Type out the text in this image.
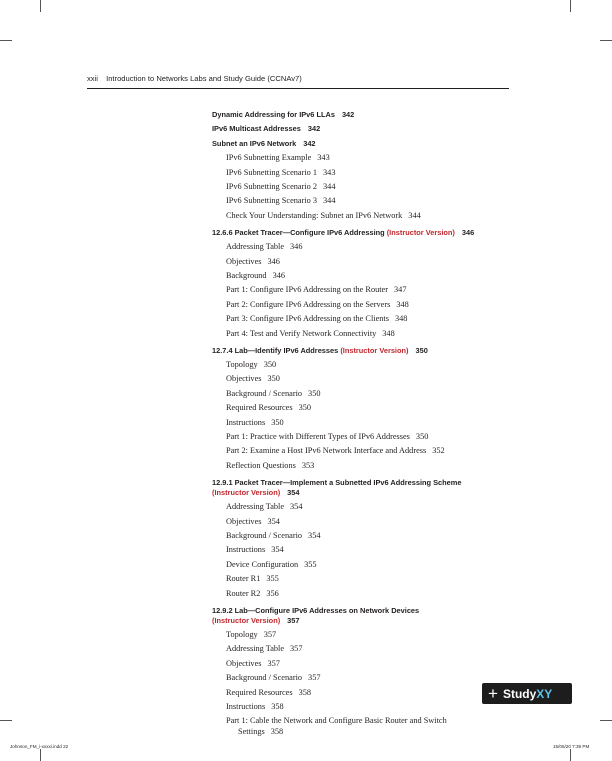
xxii Introduction to Networks Labs and Study Guide (CCNAv7)
Dynamic Addressing for IPv6 LLAs 342
IPv6 Multicast Addresses 342
Subnet an IPv6 Network 342
IPv6 Subnetting Example 343
IPv6 Subnetting Scenario 1 343
IPv6 Subnetting Scenario 2 344
IPv6 Subnetting Scenario 3 344
Check Your Understanding: Subnet an IPv6 Network 344
12.6.6 Packet Tracer—Configure IPv6 Addressing (Instructor Version) 346
Addressing Table 346
Objectives 346
Background 346
Part 1: Configure IPv6 Addressing on the Router 347
Part 2: Configure IPv6 Addressing on the Servers 348
Part 3: Configure IPv6 Addressing on the Clients 348
Part 4: Test and Verify Network Connectivity 348
12.7.4 Lab—Identify IPv6 Addresses (Instructor Version) 350
Topology 350
Objectives 350
Background / Scenario 350
Required Resources 350
Instructions 350
Part 1: Practice with Different Types of IPv6 Addresses 350
Part 2: Examine a Host IPv6 Network Interface and Address 352
Reflection Questions 353
12.9.1 Packet Tracer—Implement a Subnetted IPv6 Addressing Scheme
(Instructor Version) 354
Addressing Table 354
Objectives 354
Background / Scenario 354
Instructions 354
Device Configuration 355
Router R1 355
Router R2 356
12.9.2 Lab—Configure IPv6 Addresses on Network Devices
(Instructor Version) 357
Topology 357
Addressing Table 357
Objectives 357
Background / Scenario 357
Required Resources 358
Instructions 358
Part 1: Cable the Network and Configure Basic Router and Switch
Settings 358
+ Study XY
Johnson_FM_i-xxxxi.indd 22	15/05/20 7:39 PM
